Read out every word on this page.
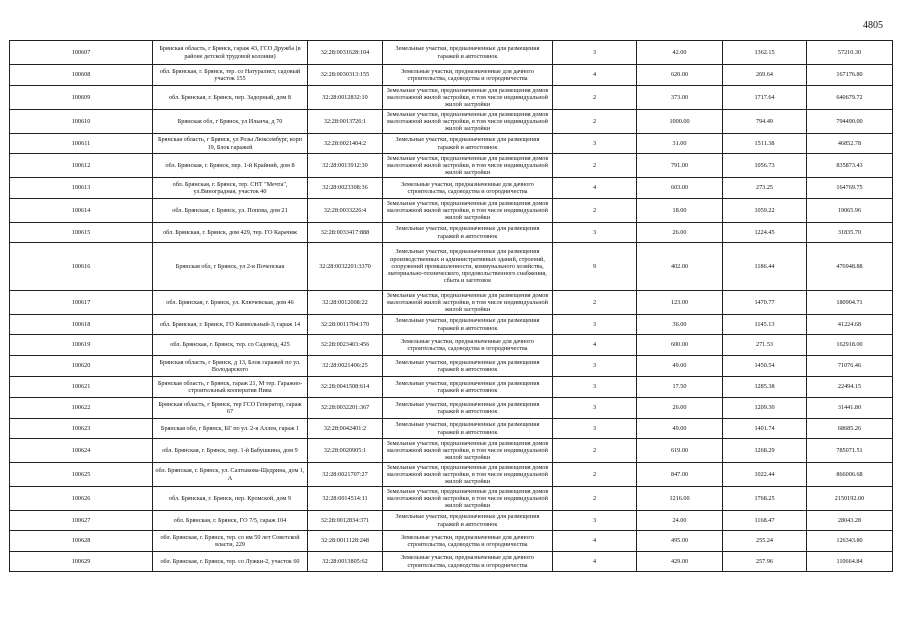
4805
100607	Брянская область, г Брянск, гараж 43, ГСО Дружба (в районе детской трудовой колонии)	32:28:0031628:104	Земельные участки, предназначенные для размещения гаражей и автостоянок	3	42.00	1362.15	57210.30
100608	обл. Брянская, г. Брянск, тер. со Натуралист, садовый участок 155	32:28:0030313:155	Земельные участки, предназначенные для дачного строительства, садоводства и огородничества	4	620.00	269.64	167176.80
100609	обл. Брянская, г. Брянск, пер. Задорный, дом 8	32:28:0012832:10	Земельные участки, предназначенные для размещения домов малоэтажной жилой застройки, в том числе индивидуальной жилой застройки	2	373.00	1717.64	640679.72
100610	Брянская обл, г Брянск, ул Ильича, д 70	32:28:0013726:1	Земельные участки, предназначенные для размещения домов малоэтажной жилой застройки, в том числе индивидуальной жилой застройки	2	1000.00	794.49	794490.00
100611	Брянская область, г Брянск, ул Розы Люксембург, корп 19, Блок гаражей	32:28:0021404:2	Земельные участки, предназначенные для размещения гаражей и автостоянок	3	31.00	1511.38	46852.78
100612	обл. Брянская, г. Брянск, пер. 1-й Крайний, дом 8	32:28:0013912:30	Земельные участки, предназначенные для размещения домов малоэтажной жилой застройки, в том числе индивидуальной жилой застройки	2	791.00	1056.73	835873.43
100613	обл. Брянская, г. Брянск, тер. СНТ "Мечта", ул.Виноградная, участок 40	32:28:0023308:36	Земельные участки, предназначенные для дачного строительства, садоводства и огородничества	4	603.00	273.25	164769.75
100614	обл. Брянская, г. Брянск, ул. Попова, дом 21	32:28:0033226:4	Земельные участки, предназначенные для размещения домов малоэтажной жилой застройки, в том числе индивидуальной жилой застройки	2	18.00	1059.22	19065.96
100615	обл. Брянская, г. Брянск, дом 429, тер. ГО Карачиж	32:28:0033417:888	Земельные участки, предназначенные для размещения гаражей и автостоянок	3	26.00	1224.45	31835.70
100616	Брянская обл, г Брянск, ул 2-я Почепская	32:28:0032201:3370	Земельные участки, предназначенные для размещения производственных и административных зданий, строений, сооружений промышленности, коммунального хозяйства, материально-технического, продовольственного снабжения, сбыта и заготовок	9	402.00	1186.44	476948.88
100617	обл. Брянская, г. Брянск, ул. Ключевская, дом 46	32:28:0012008:22	Земельные участки, предназначенные для размещения домов малоэтажной жилой застройки, в том числе индивидуальной жилой застройки	2	123.00	1470.77	180904.71
100618	обл. Брянская, г. Брянск, ГО Камвольный-3, гараж 14	32:28:0011704:170	Земельные участки, предназначенные для размещения гаражей и автостоянок	3	36.00	1145.13	41224.68
100619	обл. Брянская, г. Брянск, тер. со Садовод, 425	32:28:0023403:456	Земельные участки, предназначенные для дачного строительства, садоводства и огородничества	4	600.00	271.53	162918.00
100620	Брянская область, г Брянск, д 13, Блок гаражей по ул. Володарского	32:28:0021406:25	Земельные участки, предназначенные для размещения гаражей и автостоянок	3	49.00	1450.54	71076.46
100621	Брянская область, г Брянск, гараж 21, М тер. Гаражно-строительный кооператив Нива	32:28:0041508:614	Земельные участки, предназначенные для размещения гаражей и автостоянок	3	17.50	1285.38	22494.15
100622	Брянская область, г Брянск, тер ГСО Генератор, гараж 67	32:28:0032201:367	Земельные участки, предназначенные для размещения гаражей и автостоянок	3	26.00	1209.30	31441.80
100623	Брянская обл, г Брянск, БГ по ул. 2-я Аллея, гараж 1	32:28:0042401:2	Земельные участки, предназначенные для размещения гаражей и автостоянок	3	49.00	1401.74	68685.26
100624	обл. Брянская, г. Брянск, пер. 1-й Бабушкина, дом 9	32:28:0020905:1	Земельные участки, предназначенные для размещения домов малоэтажной жилой застройки, в том числе индивидуальной жилой застройки	2	619.00	1268.29	785071.51
100625	обл. Брянская, г. Брянск, ул. Салтыкова-Щедрина, дом 1, А	32:28:0021707:27	Земельные участки, предназначенные для размещения домов малоэтажной жилой застройки, в том числе индивидуальной жилой застройки	2	847.00	1022.44	866006.68
100626	обл. Брянская, г. Брянск, пер. Кромской, дом 9	32:28:0014514:11	Земельные участки, предназначенные для размещения домов малоэтажной жилой застройки, в том числе индивидуальной жилой застройки	2	1216.00	1768.25	2150192.00
100627	обл. Брянская, г. Брянск, ГО 7/5, гараж 104	32:28:0012834:371	Земельные участки, предназначенные для размещения гаражей и автостоянок	3	24.00	1168.47	28043.28
100628	обл. Брянская, г. Брянск, тер. со им 50 лет Советской власти, 229	32:28:0011128:248	Земельные участки, предназначенные для дачного строительства, садоводства и огородничества	4	495.00	255.24	126343.80
100629	обл. Брянская, г. Брянск, тер. со Лужки-2, участок 60	32:28:0013805:62	Земельные участки, предназначенные для дачного строительства, садоводства и огородничества	4	429.00	257.96	110664.84
